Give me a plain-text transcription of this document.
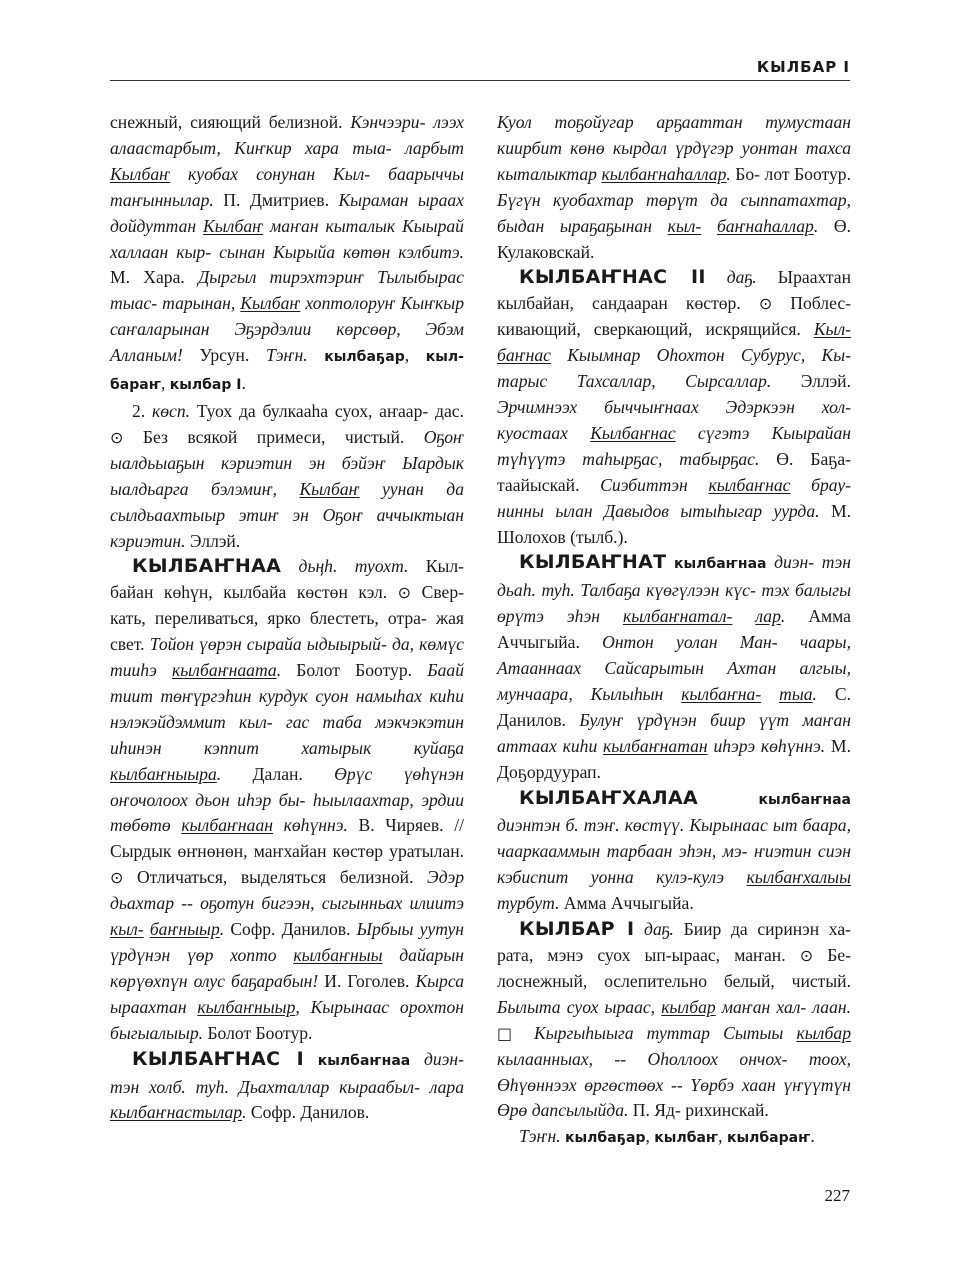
КЫЛБАР I

снежный, сияющий белизной. Кэнчээри- лээх алаастарбыт, Киҥкир хара тыа- ларбыт Кылбаҥ куобах сонунан Кыл- баарыччы таҥыннылар. П. Дмитриев. Кыраман ыраах дойдуттан Кылбаҥ маҥан кыталык Кыырай халлаан кыр- сынан Кырыйа көтөн кэлбитэ. М. Хара. Дыргыл тирэхтэриҥ Тылыбырас тыас- тарынан, Кылбаҥ хоптолоруҥ Кыҥкыр саҥаларынан Эҕэрдэлии көрсөөр, Эбэм Алланым! Урсун. Тэҥн. кылбаҕар, кыл- бараҥ, кылбар I.

2. көсп. Туох да булкааһа суох, аҥаар- дас. ⊙ Без всякой примеси, чистый. Оҕоҥ ыалдьыаҕын кэриэтин эн бэйэҥ Ыардык ыалдьарга бэлэмиҥ, Кылбаҥ уунан да сылдьаахтыыр этиҥ эн Оҕоҥ аччыктыан кэриэтин. Эллэй.

КЫЛБАҤНАА дьңһ. туохт. Кыл- байан көһүн, кылбайа көстөн кэл. ⊙ Свер- кать, переливаться, ярко блестеть, отра- жая свет. Тойон үөрэн сырайа ыдыырый- да, көмүс тииһэ кылбаҥнаата. Болот Боотур. Баай тиит төҥүргэһин курдук суон намыһах киһи нэлэкэйдэммит кыл- гас таба мэкчэкэтин иһинэн кэппит хатырык куйаҕа кылбаҥныыра. Далан. Өрүс үөһүнэн оҥочолоох дьон иһэр бы- һыылаахтар, эрдии төбөтө кылбаҥнаан көһүннэ. В. Чиряев. // Сырдык өҥнөнөн, маҥхайан көстөр уратылан. ⊙ Отличаться, выделяться белизной. Эдэр дьахтар -- оҕотун бигээн, сыгынньах илиитэ кыл- баҥныыр. Софр. Данилов. Ырбыы уутун үрдүнэн үөр хопто кылбаҥныы дайарын көрүөхпүн олус баҕарабын! И. Гоголев. Кырса ыраахтан кылбаҥныыр, Кырынаас орохтон быгыалыыр. Болот Боотур.

КЫЛБАҤНАС I кылбаҥнаа диэн- тэн холб. туһ. Дьахталлар кыраабыл- лара кылбаҥнастылар. Софр. Данилов.

Куол тоҕойугар арҕааттан тумустаан киирбит көнө кырдал үрдүгэр уонтан тахса кыталыктар кылбаҥнаһаллар. Бо- лот Боотур. Бүгүн куобахтар төрүт да сыппатахтар, быдан ыраҕаҕынан кыл- баҥнаһаллар. Ө. Кулаковскай.

КЫЛБАҤНАС II даҕ. Ыраахтан кылбайан, сандааран көстөр. ⊙ Поблес- кивающий, сверкающий, искрящийся. Кыл- баҥнас Кыымнар Оһохтон Субурус, Кы- тарыс Тахсаллар, Сырсаллар. Эллэй. Эрчимнээх быччыҥнаах Эдэркээн хол- куостаах Кылбаҥнас сүгэтэ Кыырайан түһүүтэ таһырҕас, табырҕас. Ө. Баҕа- таайыскай. Сиэбиттэн кылбаҥнас брау- нинны ылан Давыдов ытыһыгар уурда. М. Шолохов (тылб.).

КЫЛБАҤНАТ кылбаҥнаа диэн- тэн дьаһ. туһ. Талбаҕа күөгүлээн күс- тэх балыгы өрүтэ эһэн кылбаҥнатал- лар. Амма Аччыгыйа. Онтон уолан Ман- чаары, Атааннаах Сайсарытын Ахтан алгыы, мунчаара, Кылыһын кылбаҥна- тыа. С. Данилов. Булуҥ үрдүнэн биир үүт маҥан аттаах киһи кылбаҥнатан иһэрэ көһүннэ. М. Доҕордуурап.

КЫЛБАҤХАЛАА	кылбаҥнаа диэнтэн б. тэҥ. көстүү. Кырынаас ыт баара, чааркааммын тарбаан эһэн, мэ- ҥиэтин сиэн кэбиспит уонна кулэ-кулэ кылбаҥхалыы турбут. Амма Аччыгыйа.

КЫЛБАР I даҕ. Биир да сиринэн ха- рата, мэнэ суох ып-ыраас, маҥан. ⊙ Бе- лоснежный, ослепительно белый, чистый. Былыта суох ыраас, кылбар маҥан хал- лаан. □ Кыргыһыыга туттар Сытыы кылбар кылаанныах, -- Оһоллоох ончох- тоох, Өһүөннээх өргөстөөх -- Үөрбэ хаан үҥүүтүн Өрө дапсылыйда. П. Яд- рихинскай.

Тэҥн. кылбаҕар, кылбаҥ, кылбараҥ.

227
